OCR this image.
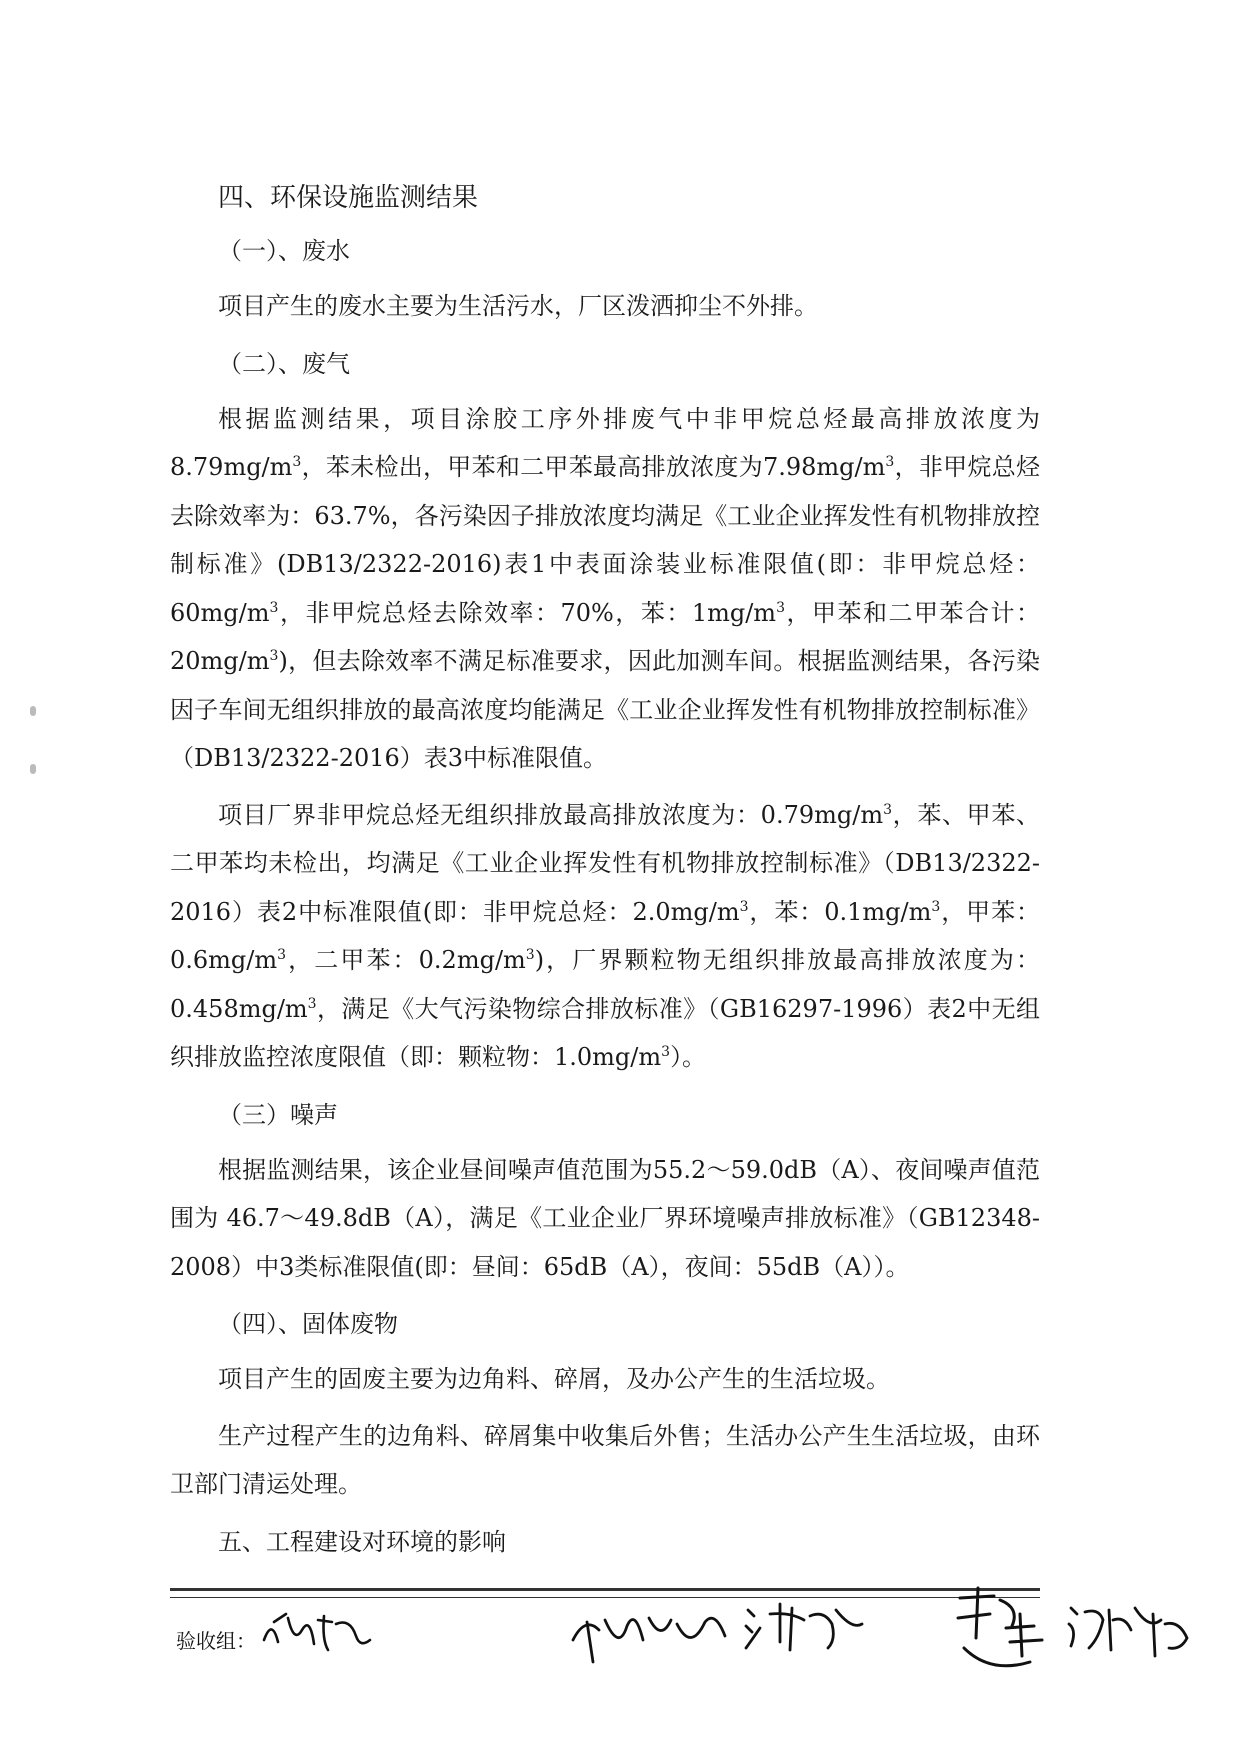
四、环保设施监测结果
（一）、废水

项目产生的废水主要为生活污水，厂区泼洒抑尘不外排。

（二）、废气

根据监测结果，项目涂胶工序外排废气中非甲烷总烃最高排放浓度为$8.79mg/m^3$，苯未检出，甲苯和二甲苯最高排放浓度为$7.98mg/m^3$，非甲烷总烃去除效率为：63.7%，各污染因子排放浓度均满足《工业企业挥发性有机物排放控制标准》(DB13/2322-2016)表1中表面涂装业标准限值(即：非甲烷总烃：$60mg/m^3$，非甲烷总烃去除效率：70%，苯：$1mg/m^3$，甲苯和二甲苯合计：$20mg/m^3$)，但去除效率不满足标准要求，因此加测车间。根据监测结果，各污染因子车间无组织排放的最高浓度均能满足《工业企业挥发性有机物排放控制标准》（DB13/2322-2016）表3中标准限值。

项目厂界非甲烷总烃无组织排放最高排放浓度为：$0.79mg/m^3$，苯、甲苯、二甲苯均未检出，均满足《工业企业挥发性有机物排放控制标准》（DB13/2322-2016）表2中标准限值(即：非甲烷总烃：$2.0mg/m^3$，苯：$0.1mg/m^3$，甲苯：$0.6mg/m^3$，二甲苯：$0.2mg/m^3$)，厂界颗粒物无组织排放最高排放浓度为：$0.458mg/m^3$，满足《大气污染物综合排放标准》（GB16297-1996）表2中无组织排放监控浓度限值（即：颗粒物：$1.0mg/m^3$）。

（三）噪声

根据监测结果，该企业昼间噪声值范围为55.2～59.0dB（A）、夜间噪声值范围为 46.7～49.8dB（A），满足《工业企业厂界环境噪声排放标准》（GB12348-2008）中3类标准限值(即：昼间：65dB（A），夜间：55dB（A））。

（四）、固体废物

项目产生的固废主要为边角料、碎屑，及办公产生的生活垃圾。

生产过程产生的边角料、碎屑集中收集后外售；生活办公产生生活垃圾，由环卫部门清运处理。

五、工程建设对环境的影响
验收组：
